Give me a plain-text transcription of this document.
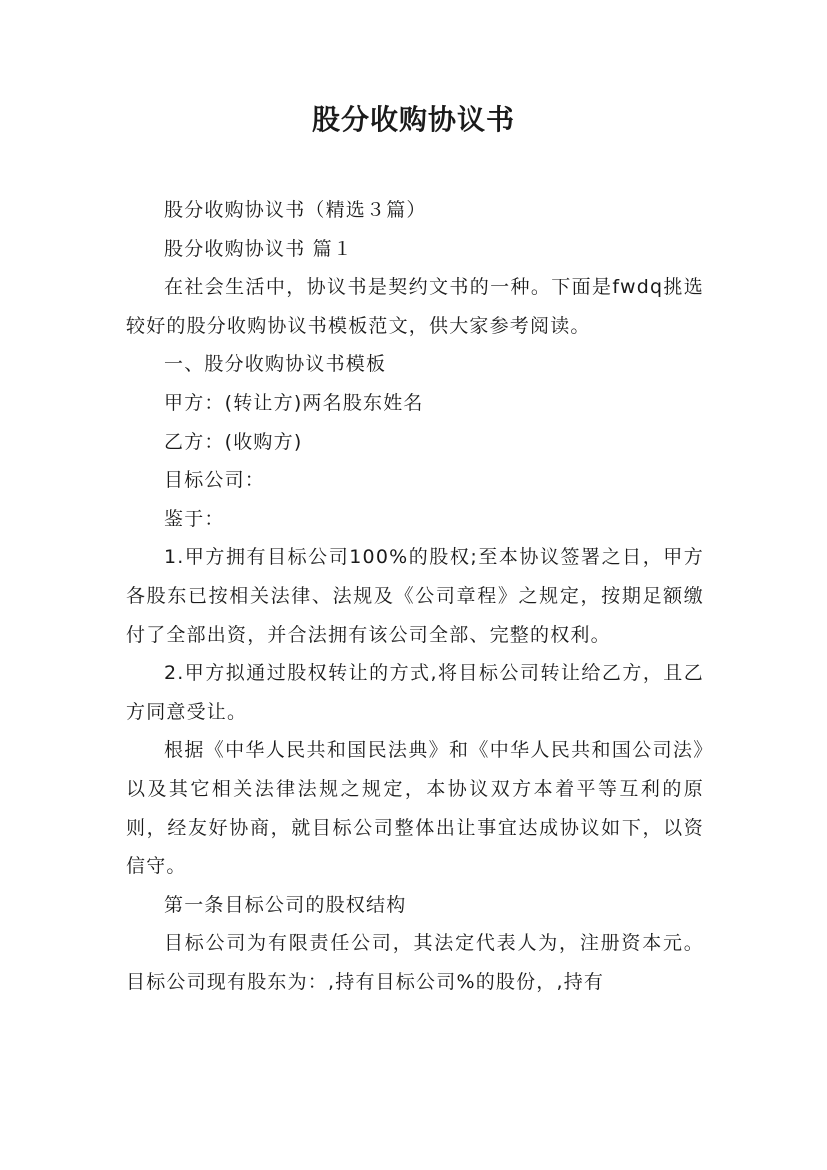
股分收购协议书

股分收购协议书（精选３篇）

股分收购协议书 篇１

在社会生活中，协议书是契约文书的一种。下面是fwdq挑选较好的股分收购协议书模板范文，供大家参考阅读。

一、股分收购协议书模板

甲方：(转让方)两名股东姓名

乙方：(收购方)

目标公司：

鉴于：

1.甲方拥有目标公司100%的股权;至本协议签署之日，甲方各股东已按相关法律、法规及《公司章程》之规定，按期足额缴付了全部出资，并合法拥有该公司全部、完整的权利。

2.甲方拟通过股权转让的方式,将目标公司转让给乙方，且乙方同意受让。

根据《中华人民共和国民法典》和《中华人民共和国公司法》以及其它相关法律法规之规定，本协议双方本着平等互利的原则，经友好协商，就目标公司整体出让事宜达成协议如下，以资信守。

第一条目标公司的股权结构

目标公司为有限责任公司，其法定代表人为，注册资本元。目标公司现有股东为：,持有目标公司%的股份，,持有
